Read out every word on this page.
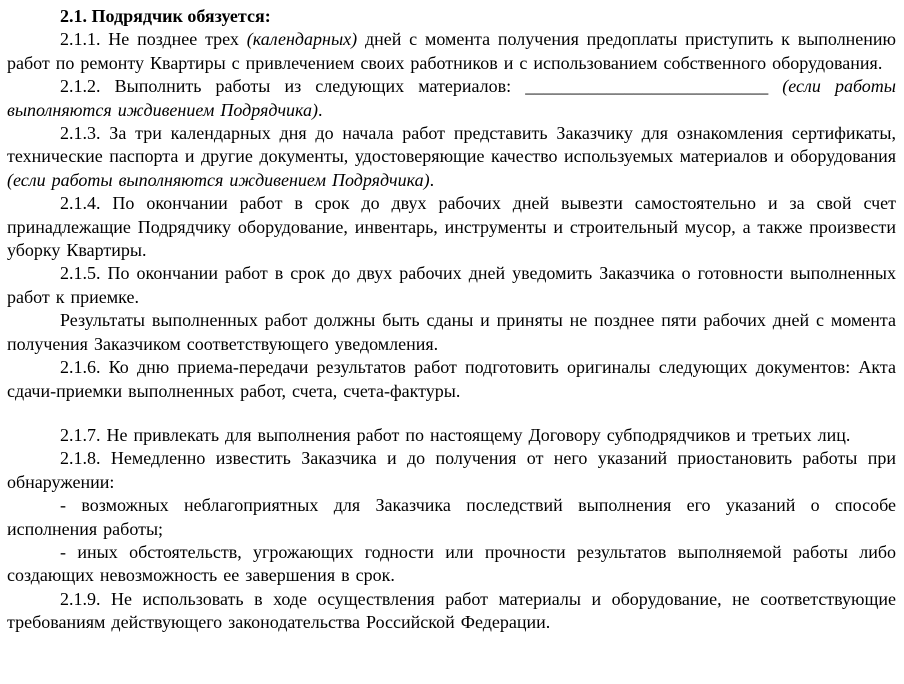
2.1. Подрядчик обязуется:

2.1.1. Не позднее трех (календарных) дней с момента получения предоплаты приступить к выполнению работ по ремонту Квартиры с привлечением своих работников и с использованием собственного оборудования.

2.1.2. Выполнить работы из следующих материалов: ___________________________ (если работы выполняются иждивением Подрядчика).

2.1.3. За три календарных дня до начала работ представить Заказчику для ознакомления сертификаты, технические паспорта и другие документы, удостоверяющие качество используемых материалов и оборудования (если работы выполняются иждивением Подрядчика).

2.1.4. По окончании работ в срок до двух рабочих дней вывезти самостоятельно и за свой счет принадлежащие Подрядчику оборудование, инвентарь, инструменты и строительный мусор, а также произвести уборку Квартиры.

2.1.5. По окончании работ в срок до двух рабочих дней уведомить Заказчика о готовности выполненных работ к приемке.

Результаты выполненных работ должны быть сданы и приняты не позднее пяти рабочих дней с момента получения Заказчиком соответствующего уведомления.

2.1.6. Ко дню приема-передачи результатов работ подготовить оригиналы следующих документов: Акта сдачи-приемки выполненных работ, счета, счета-фактуры.

2.1.7. Не привлекать для выполнения работ по настоящему Договору субподрядчиков и третьих лиц.

2.1.8. Немедленно известить Заказчика и до получения от него указаний приостановить работы при обнаружении:

- возможных неблагоприятных для Заказчика последствий выполнения его указаний о способе исполнения работы;

- иных обстоятельств, угрожающих годности или прочности результатов выполняемой работы либо создающих невозможность ее завершения в срок.

2.1.9. Не использовать в ходе осуществления работ материалы и оборудование, не соответствующие требованиям действующего законодательства Российской Федерации.
